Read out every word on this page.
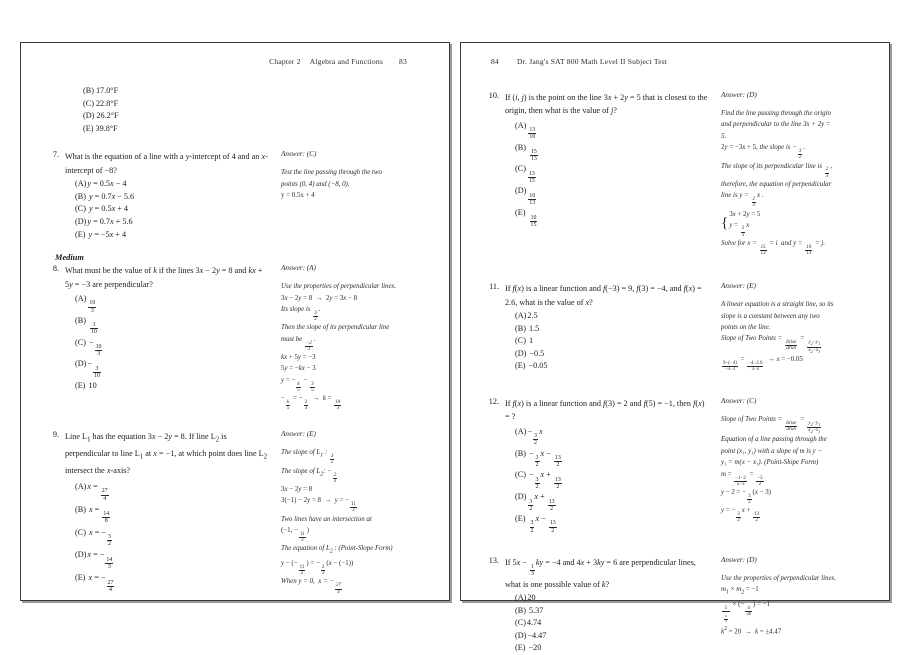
Chapter 2 Algebra and Functions 83
(B) 17.0°F
(C) 22.8°F
(D) 26.2°F
(E) 39.8°F
7. What is the equation of a line with a y-intercept of 4 and an x-intercept of −8?
(A)y = 0.5x − 4
(B) y = 0.7x − 5.6
(C) y = 0.5x + 4
(D)y = 0.7x + 5.6
(E) y = −5x + 4
Answer: (C)
Test the line passing through the two
points (0, 4) and (−8, 0).
y = 0.5x + 4
Medium
8. What must be the value of k if the lines 3x − 2y = 8 and kx + 5y = −3 are perpendicular?
(A)
$\frac{10}{3}$
(B)
$\frac{3}{10}$
(C) −
$\frac{10}{3}$
(D)−
$\frac{3}{10}$
(E) 10
Answer: (A)
Use the properties of perpendicular lines.
3x − 2y = 8  →  2y = 3x − 8
Its slope is
$\frac{3}{2}$
.
Then the slope of its perpendicular line
must be
$\frac{-2}{3}$
.
kx + 5y = −3
5y = −kx − 3
y = −
$\frac{k}{5}$
−
$\frac{3}{5}$
−
$\frac{k}{5}$
= −
$\frac{2}{3}$
→  k =
$\frac{10}{3}$
9. Line $L_1$ has the equation 3x − 2y = 8. If line $L_2$ is perpendicular to line $L_1$ at x = −1, at which point does line $L_2$ intersect the x-axis?
(A)x =
$\frac{27}{4}$
(B) x =
$\frac{14}{8}$
(C) x = −
$\frac{3}{2}$
(D)x = −
$\frac{14}{3}$
(E) x = −
$\frac{27}{4}$
Answer: (E)
The slope of $L_1$ :
$\frac{3}{2}$
The slope of $L_2$: −
$\frac{2}{3}$
3x − 2y = 8
3(−1) − 2y = 8  →  y = −
$\frac{11}{2}$
Two lines have an intersection at
(−1, −
$\frac{11}{2}$
)
The equation of $L_2$ : (Point-Slope Form)
y − (−
$\frac{11}{2}$
) = −
$\frac{2}{3}$
(x − (−1))
When y = 0,  x = −
$\frac{27}{4}$
84 Dr. Jang's SAT 800 Math Level II Subject Test
10. If (i, j) is the point on the line 3x + 2y = 5 that is closest to the origin, then what is the value of j?
(A)
$\frac{13}{10}$
(B)
$\frac{15}{13}$
(C)
$\frac{13}{15}$
(D)
$\frac{10}{13}$
(E)
$\frac{10}{15}$
Answer: (D)
Find the line passing through the origin
and perpendicular to the line 3x + 2y =
5.
2y = −3x + 5, the slope is −
$\frac{3}{2}$
.
The slope of its perpendicular line is
$\frac{2}{3}$
,
therefore, the equation of perpendicular
line is y =
$\frac{2}{3}$
x .
{
3x + 2y = 5
y =
$\frac{2}{3}$
x
Solve for x =
$\frac{15}{13}$
= i  and y =
$\frac{10}{13}$
= j.
11. If f(x) is a linear function and f(−3) = 9, f(3) = −4, and f(x) = 2.6, what is the value of x?
(A)2.5
(B) 1.5
(C) 1
(D) −0.5
(E) −0.05
Answer: (E)
A linear equation is a straight line, so its
slope is a constant between any two
points on the line.
Slope of Two Points =
$\frac{\text{Δrise}}{\text{Δrun}}$
=
$\frac{y_2-y_1}{x_2-x_1}$
$\frac{9-(-4)}{-3-3}$
=
$\frac{-4-2.6}{3-x}$
→ x = −0.05
12. If f(x) is a linear function and f(3) = 2 and f(5) = −1, then f(x) = ?
(A)−
$\frac{3}{2}$
x
(B) −
$\frac{3}{2}$
x −
$\frac{13}{2}$
(C) −
$\frac{3}{2}$
x +
$\frac{13}{2}$
(D)
$\frac{3}{2}$
x +
$\frac{13}{2}$
(E)
$\frac{3}{2}$
x −
$\frac{13}{2}$
Answer: (C)
Slope of Two Points =
$\frac{\text{Δrise}}{\text{Δrun}}$
=
$\frac{y_2-y_1}{x_2-x_1}$
Equation of a line passing through the
point (x₁, y₁) with a slope of m is y −
y₁ = m(x − x₁). (Point-Slope Form)
m =
$\frac{-1-2}{5-3}$
=
$\frac{-3}{2}$
y − 2 = −
$\frac{3}{2}$
(x − 3)
y = −
$\frac{3}{2}$
x +
$\frac{13}{2}$
13. If 5x −
$\frac{1}{3}$
ky = −4 and 4x + 3ky = 6 are perpendicular lines, what is one possible value of k?
(A)20
(B) 5.37
(C)4.74
(D)−4.47
(E) −20
Answer: (D)
Use the properties of perpendicular lines.
$m_1 \times m_2 = -1$
$\frac{5}{\frac{k}{3}}$
× (−
$\frac{4}{3k}$
) = −1
$k^2 = 20 \to k = \pm 4.47$
